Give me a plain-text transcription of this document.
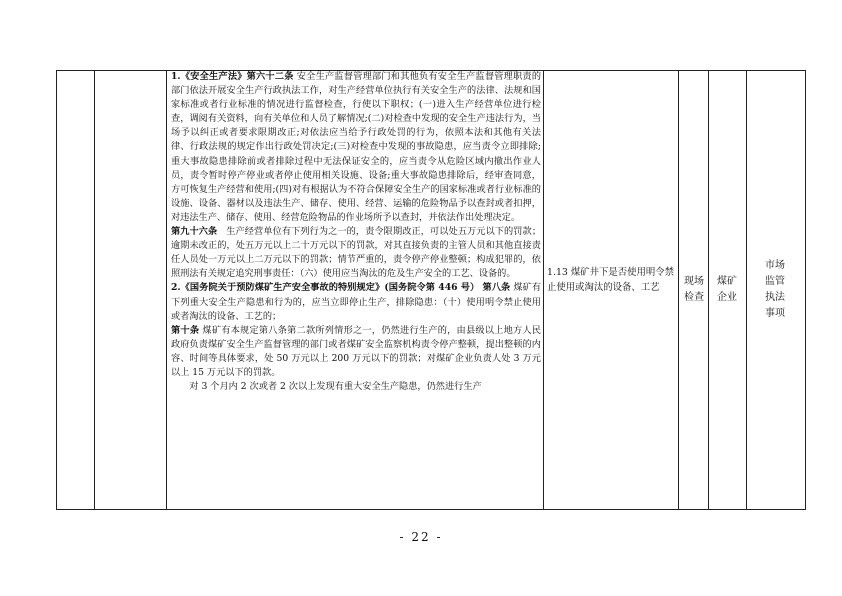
1.《安全生产法》第六十二条 安全生产监督管理部门和其他负有安全生产监督管理职责的部门依法开展安全生产行政执法工作，对生产经营单位执行有关安全生产的法律、法规和国家标准或者行业标准的情况进行监督检查，行使以下职权；(一)进入生产经营单位进行检查，调阅有关资料，向有关单位和人员了解情况;(二)对检查中发现的安全生产违法行为，当场予以纠正或者要求限期改正;对依法应当给予行政处罚的行为，依照本法和其他有关法律、行政法规的规定作出行政处罚决定;(三)对检查中发现的事故隐患，应当责令立即排除;重大事故隐患排除前或者排除过程中无法保证安全的，应当责令从危险区域内撤出作业人员，责令暂时停产停业或者停止使用相关设施、设备;重大事故隐患排除后，经审查同意，方可恢复生产经营和使用;(四)对有根据认为不符合保障安全生产的国家标准或者行业标准的设施、设备、器材以及违法生产、储存、使用、经营、运输的危险物品予以查封或者扣押，对违法生产、储存、使用、经营危险物品的作业场所予以查封，并依法作出处理决定。

第九十六条 生产经营单位有下列行为之一的，责令限期改正，可以处五万元以下的罚款；逾期未改正的，处五万元以上二十万元以下的罚款，对其直接负责的主管人员和其他直接责任人员处一万元以上二万元以下的罚款；情节严重的，责令停产停业整顿；构成犯罪的，依照刑法有关规定追究刑事责任：（六）使用应当淘汰的危及生产安全的工艺、设备的。

2.《国务院关于预防煤矿生产安全事故的特别规定》(国务院令第 446 号） 第八条 煤矿有下列重大安全生产隐患和行为的，应当立即停止生产，排除隐患：（十）使用明令禁止使用或者淘汰的设备、工艺的；

第十条 煤矿有本规定第八条第二款所列情形之一，仍然进行生产的，由县级以上地方人民政府负责煤矿安全生产监督管理的部门或者煤矿安全监察机构责令停产整顿，提出整顿的内容、时间等具体要求，处 50 万元以上 200 万元以下的罚款；对煤矿企业负责人处 3 万元以上 15 万元以下的罚款。

对 3 个月内 2 次或者 2 次以上发现有重大安全生产隐患，仍然进行生产

1.13 煤矿井下是否使用明令禁止使用或淘汰的设备、工艺	现场检查
煤矿企业
市场监管执法事项
- 22 -
